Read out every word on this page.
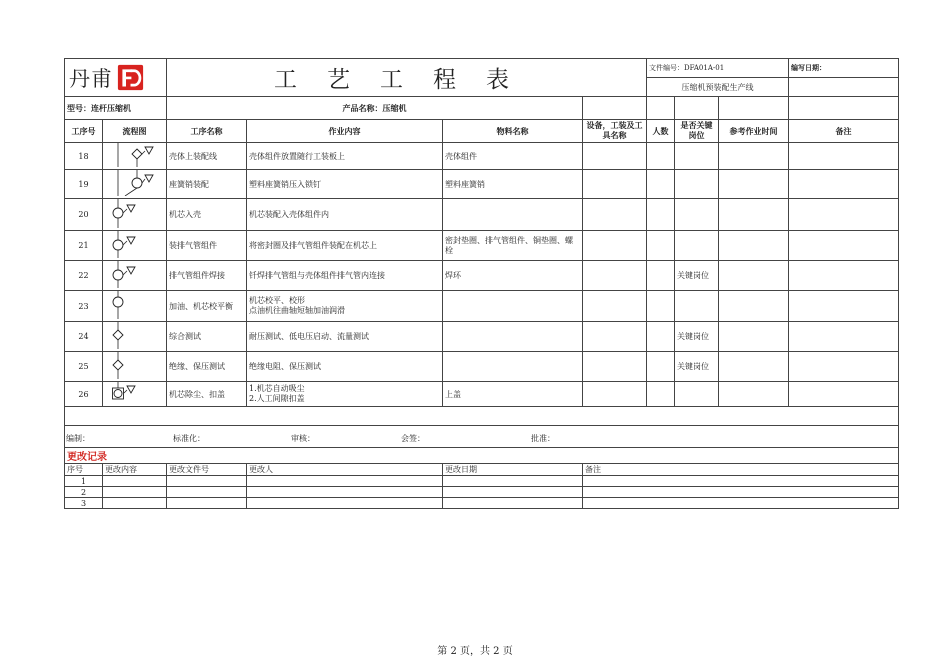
丹甫		工艺工程表				文件编号：DFA01A-01			编写日期：
						压缩机预装配生产线			
型号：连杆压缩机		产品名称：压缩机							
工序号	流程图	工序名称	作业内容	物料名称	设备，工装及工具名称	人数	是否关键岗位	参考作业时间	备注
18		壳体上装配线	壳体组件放置随行工装板上	壳体组件					
19		座簧销装配	塑料座簧销压入锁钉	塑料座簧销					
20		机芯入壳	机芯装配入壳体组件内						
21		装排气管组件	将密封圈及排气管组件装配在机芯上	密封垫圈、排气管组件、铜垫圈、螺栓					
22		排气管组件焊接	钎焊排气管组与壳体组件排气管内连接	焊环			关键岗位		
23		加油、机芯校平衡	机芯校平、校形
点油机往曲轴短轴加油润滑						

24		综合测试	耐压测试、低电压启动、流量测试				关键岗位		
25		绝缘、保压测试	绝缘电阻、保压测试				关键岗位		
26		机芯除尘、扣盖	1.机芯自动吸尘
2.人工间隙扣盖	上盖					

编制： 标准化： 审核： 会签： 批准：									

更改记录									
序号	更改内容	更改文件号	更改人	更改日期	备注				
1									
2									
3									
第 2 页，共 2 页
